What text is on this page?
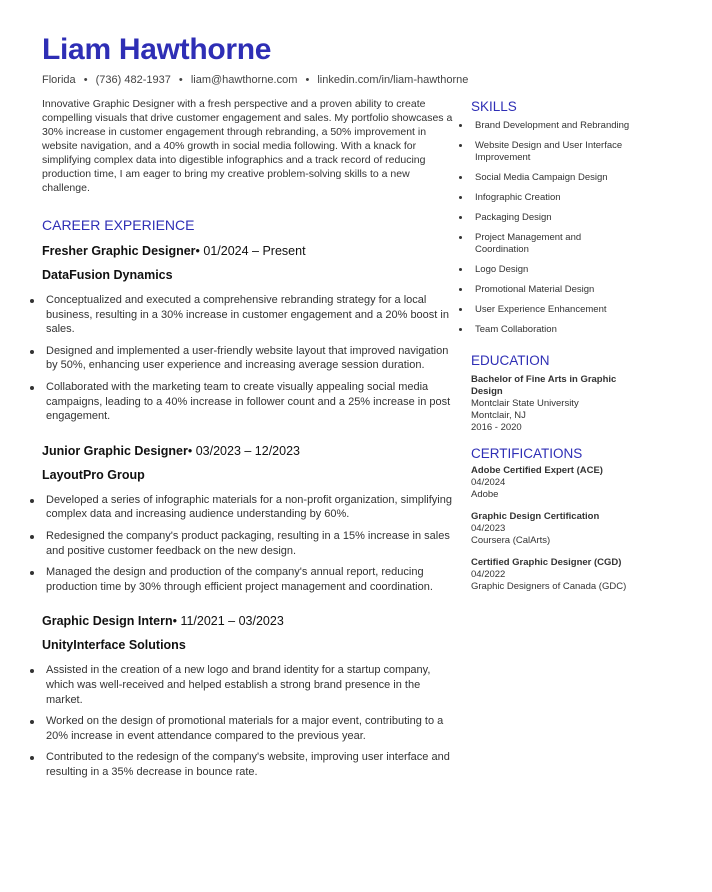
Liam Hawthorne
Florida • (736) 482-1937 • liam@hawthorne.com • linkedin.com/in/liam-hawthorne

Innovative Graphic Designer with a fresh perspective and a proven ability to create compelling visuals that drive customer engagement and sales. My portfolio showcases a 30% increase in customer engagement through rebranding, a 50% improvement in website navigation, and a 40% growth in social media following. With a knack for simplifying complex data into digestible infographics and a track record of reducing production time, I am eager to bring my creative problem-solving skills to a new challenge.

CAREER EXPERIENCE
Fresher Graphic Designer• 01/2024 – Present
DataFusion Dynamics
Conceptualized and executed a comprehensive rebranding strategy for a local business, resulting in a 30% increase in customer engagement and a 20% boost in sales.
Designed and implemented a user-friendly website layout that improved navigation by 50%, enhancing user experience and increasing average session duration.
Collaborated with the marketing team to create visually appealing social media campaigns, leading to a 40% increase in follower count and a 25% increase in post engagement.
Junior Graphic Designer• 03/2023 – 12/2023
LayoutPro Group
Developed a series of infographic materials for a non-profit organization, simplifying complex data and increasing audience understanding by 60%.
Redesigned the company's product packaging, resulting in a 15% increase in sales and positive customer feedback on the new design.
Managed the design and production of the company's annual report, reducing production time by 30% through efficient project management and coordination.
Graphic Design Intern• 11/2021 – 03/2023
UnityInterface Solutions
Assisted in the creation of a new logo and brand identity for a startup company, which was well-received and helped establish a strong brand presence in the market.
Worked on the design of promotional materials for a major event, contributing to a 20% increase in event attendance compared to the previous year.
Contributed to the redesign of the company's website, improving user interface and resulting in a 35% decrease in bounce rate.
SKILLS
Brand Development and Rebranding
Website Design and User Interface Improvement
Social Media Campaign Design
Infographic Creation
Packaging Design
Project Management and Coordination
Logo Design
Promotional Material Design
User Experience Enhancement
Team Collaboration
EDUCATION
Bachelor of Fine Arts in Graphic Design
Montclair State University
Montclair, NJ
2016 - 2020
CERTIFICATIONS
Adobe Certified Expert (ACE)
04/2024
Adobe
Graphic Design Certification
04/2023
Coursera (CalArts)
Certified Graphic Designer (CGD)
04/2022
Graphic Designers of Canada (GDC)
